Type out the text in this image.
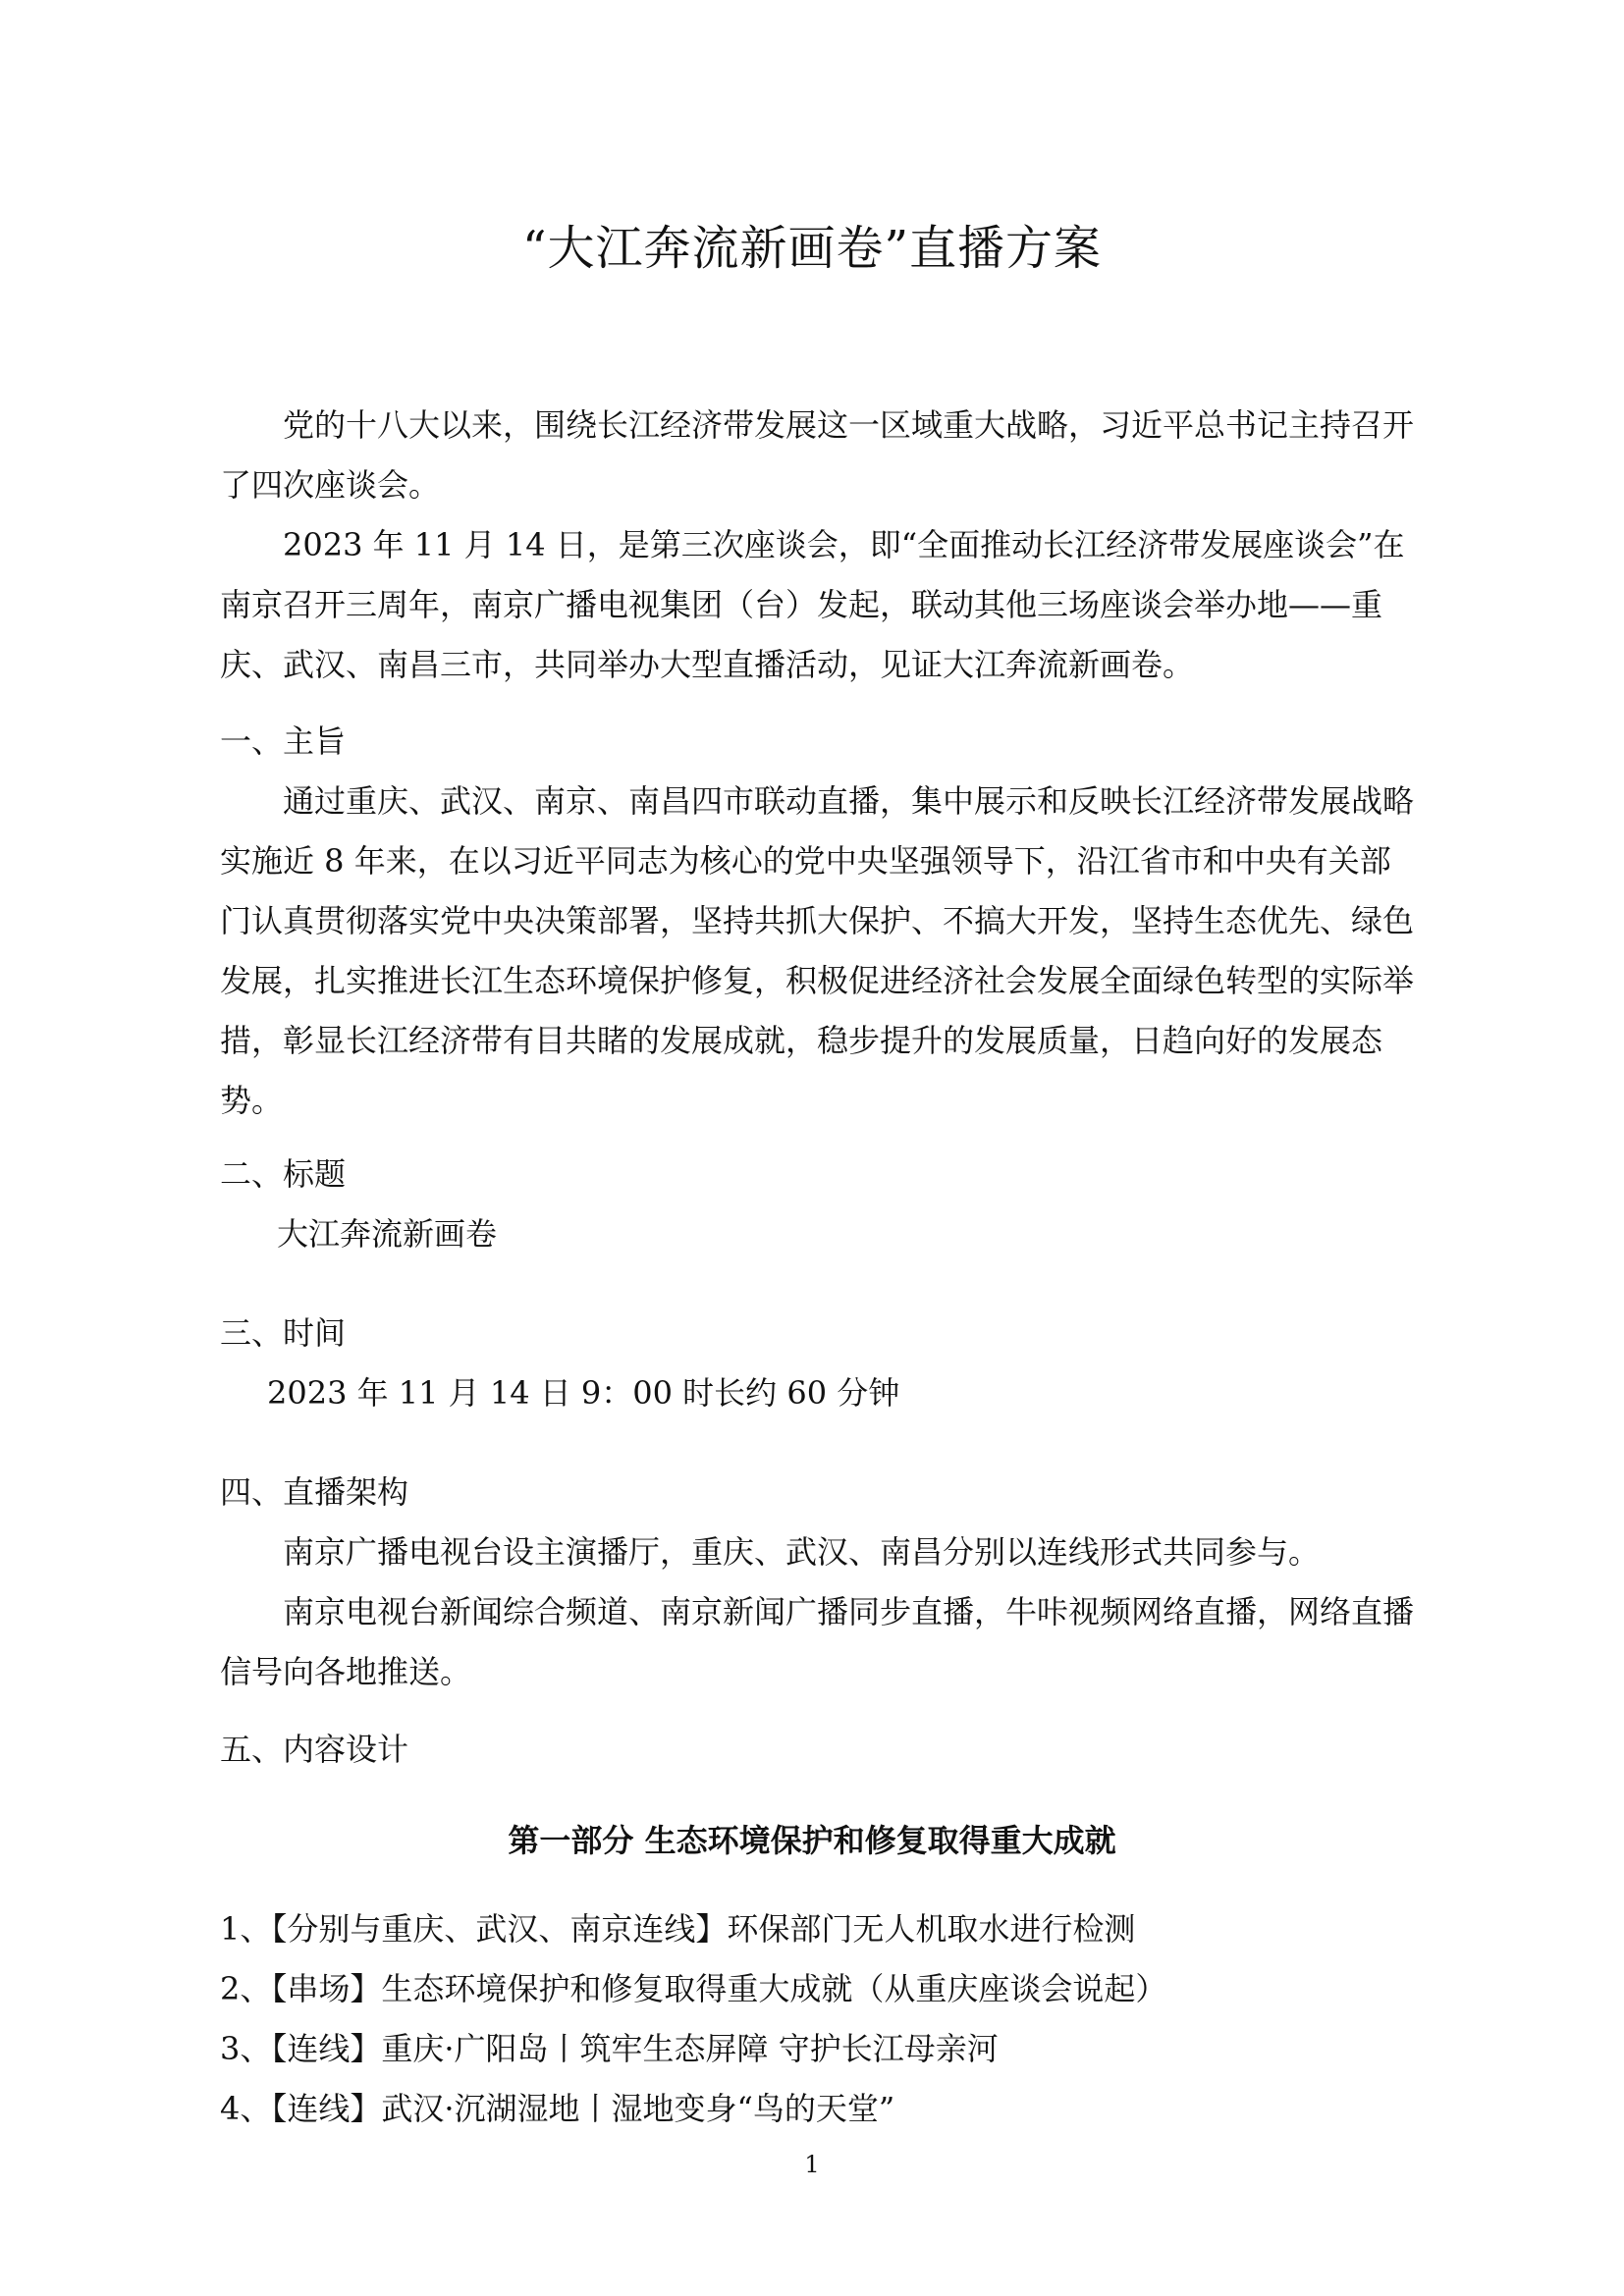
“大江奔流新画卷”直播方案

党的十八大以来，围绕长江经济带发展这一区域重大战略，习近平总书记主持召开了四次座谈会。

2023 年 11 月 14 日，是第三次座谈会，即“全面推动长江经济带发展座谈会”在南京召开三周年，南京广播电视集团（台）发起，联动其他三场座谈会举办地——重庆、武汉、南昌三市，共同举办大型直播活动，见证大江奔流新画卷。

一、主旨

通过重庆、武汉、南京、南昌四市联动直播，集中展示和反映长江经济带发展战略实施近 8 年来，在以习近平同志为核心的党中央坚强领导下，沿江省市和中央有关部门认真贯彻落实党中央决策部署，坚持共抓大保护、不搞大开发，坚持生态优先、绿色发展，扎实推进长江生态环境保护修复，积极促进经济社会发展全面绿色转型的实际举措，彰显长江经济带有目共睹的发展成就，稳步提升的发展质量，日趋向好的发展态势。

二、标题

大江奔流新画卷

三、时间

2023 年 11 月 14 日 9：00 时长约 60 分钟

四、直播架构

南京广播电视台设主演播厅，重庆、武汉、南昌分别以连线形式共同参与。

南京电视台新闻综合频道、南京新闻广播同步直播，牛咔视频网络直播，网络直播信号向各地推送。

五、内容设计

第一部分 生态环境保护和修复取得重大成就

1、【分别与重庆、武汉、南京连线】环保部门无人机取水进行检测

2、【串场】生态环境保护和修复取得重大成就（从重庆座谈会说起）

3、【连线】重庆·广阳岛丨筑牢生态屏障 守护长江母亲河

4、【连线】武汉·沉湖湿地丨湿地变身“鸟的天堂”

1
